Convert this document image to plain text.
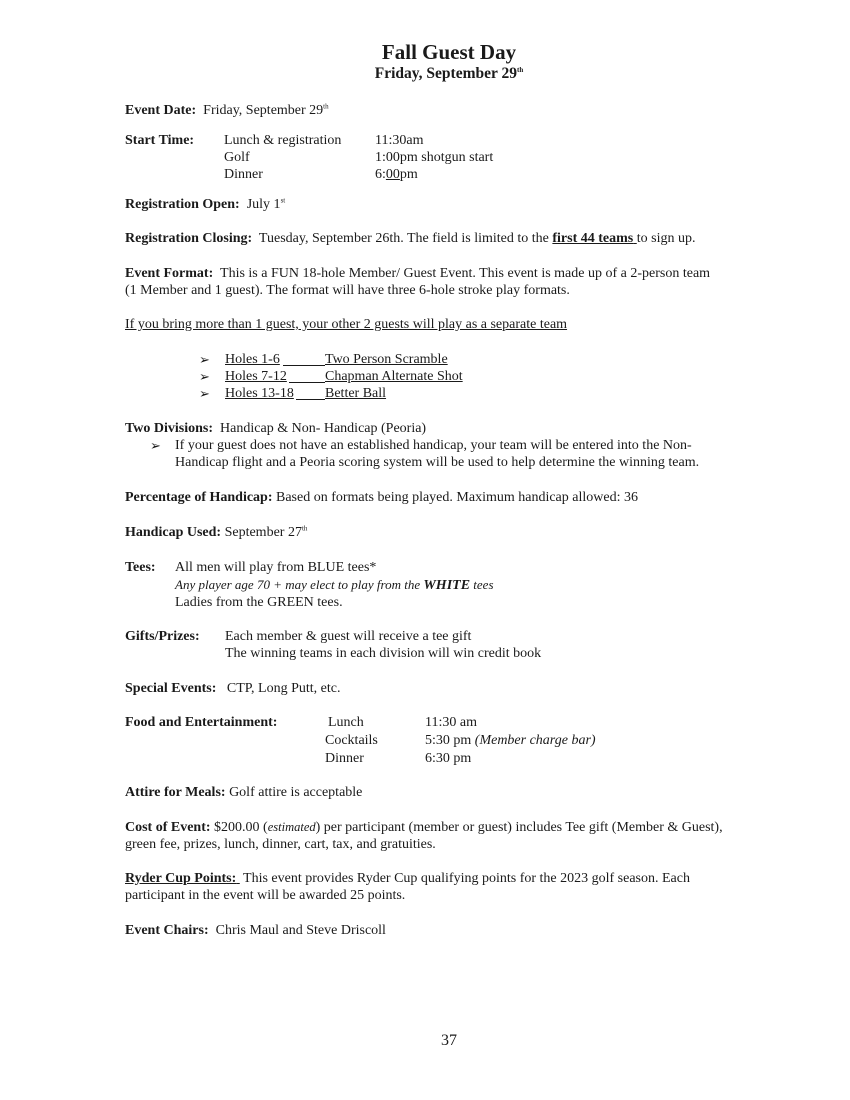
Fall Guest Day
Friday, September 29th
Event Date: Friday, September 29th
Start Time: Lunch & registration 11:30am
Golf	1:00pm shotgun start
Dinner	6:00pm
Registration Open: July 1st
Registration Closing: Tuesday, September 26th. The field is limited to the first 44 teams to sign up.
Event Format: This is a FUN 18-hole Member/ Guest Event. This event is made up of a 2-person team
(1 Member and 1 guest). The format will have three 6-hole stroke play formats.
If you bring more than 1 guest, your other 2 guests will play as a separate team
➢ Holes 1-6	Two Person Scramble
➢ Holes 7-12	Chapman Alternate Shot
➢ Holes 13-18 Better Ball
Two Divisions: Handicap & Non- Handicap (Peoria)
➢ If your guest does not have an established handicap, your team will be entered into the Non-
Handicap flight and a Peoria scoring system will be used to help determine the winning team.
Percentage of Handicap: Based on formats being played. Maximum handicap allowed: 36
Handicap Used: September 27th
Tees: All men will play from BLUE tees*
Any player age 70 + may elect to play from the WHITE tees
Ladies from the GREEN tees.
Gifts/Prizes: Each member & guest will receive a tee gift
The winning teams in each division will win credit book
Special Events: CTP, Long Putt, etc.
Food and Entertainment:	Lunch	11:30 am
Cocktails	5:30 pm (Member charge bar)
Dinner	6:30 pm
Attire for Meals: Golf attire is acceptable
Cost of Event: $200.00 (estimated) per participant (member or guest) includes Tee gift (Member & Guest),
green fee, prizes, lunch, dinner, cart, tax, and gratuities.
Ryder Cup Points: This event provides Ryder Cup qualifying points for the 2023 golf season. Each
participant in the event will be awarded 25 points.
Event Chairs: Chris Maul and Steve Driscoll
37
